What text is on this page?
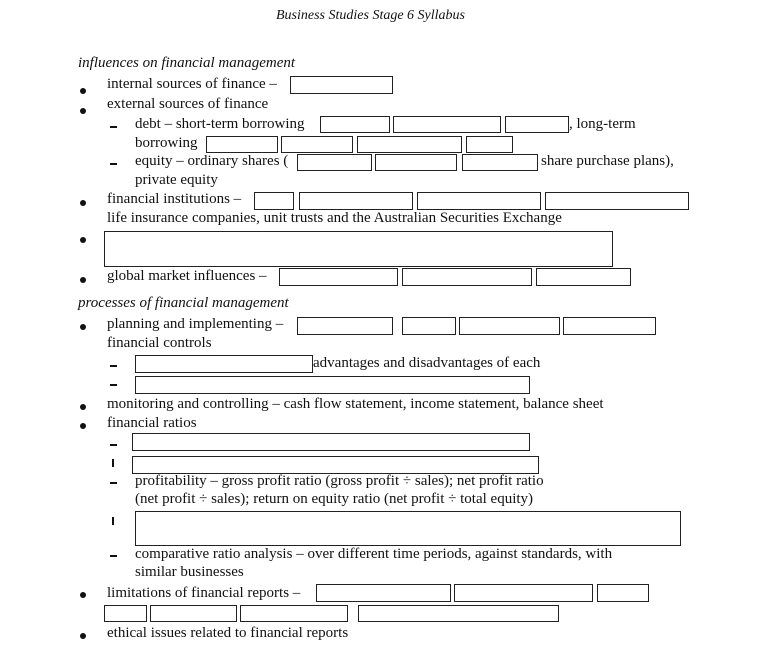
Business Studies Stage 6 Syllabus
influences on financial management
internal sources of finance –
external sources of finance
debt – short-term borrowing	, long-term
borrowing
equity – ordinary shares (	share purchase plans),
private equity
financial institutions –
life insurance companies, unit trusts and the Australian Securities Exchange
global market influences –
processes of financial management
planning and implementing –
financial controls
advantages and disadvantages of each
monitoring and controlling – cash flow statement, income statement, balance sheet
financial ratios
profitability – gross profit ratio (gross profit ÷ sales); net profit ratio
(net profit ÷ sales); return on equity ratio (net profit ÷ total equity)
comparative ratio analysis – over different time periods, against standards, with
similar businesses
limitations of financial reports –
ethical issues related to financial reports
